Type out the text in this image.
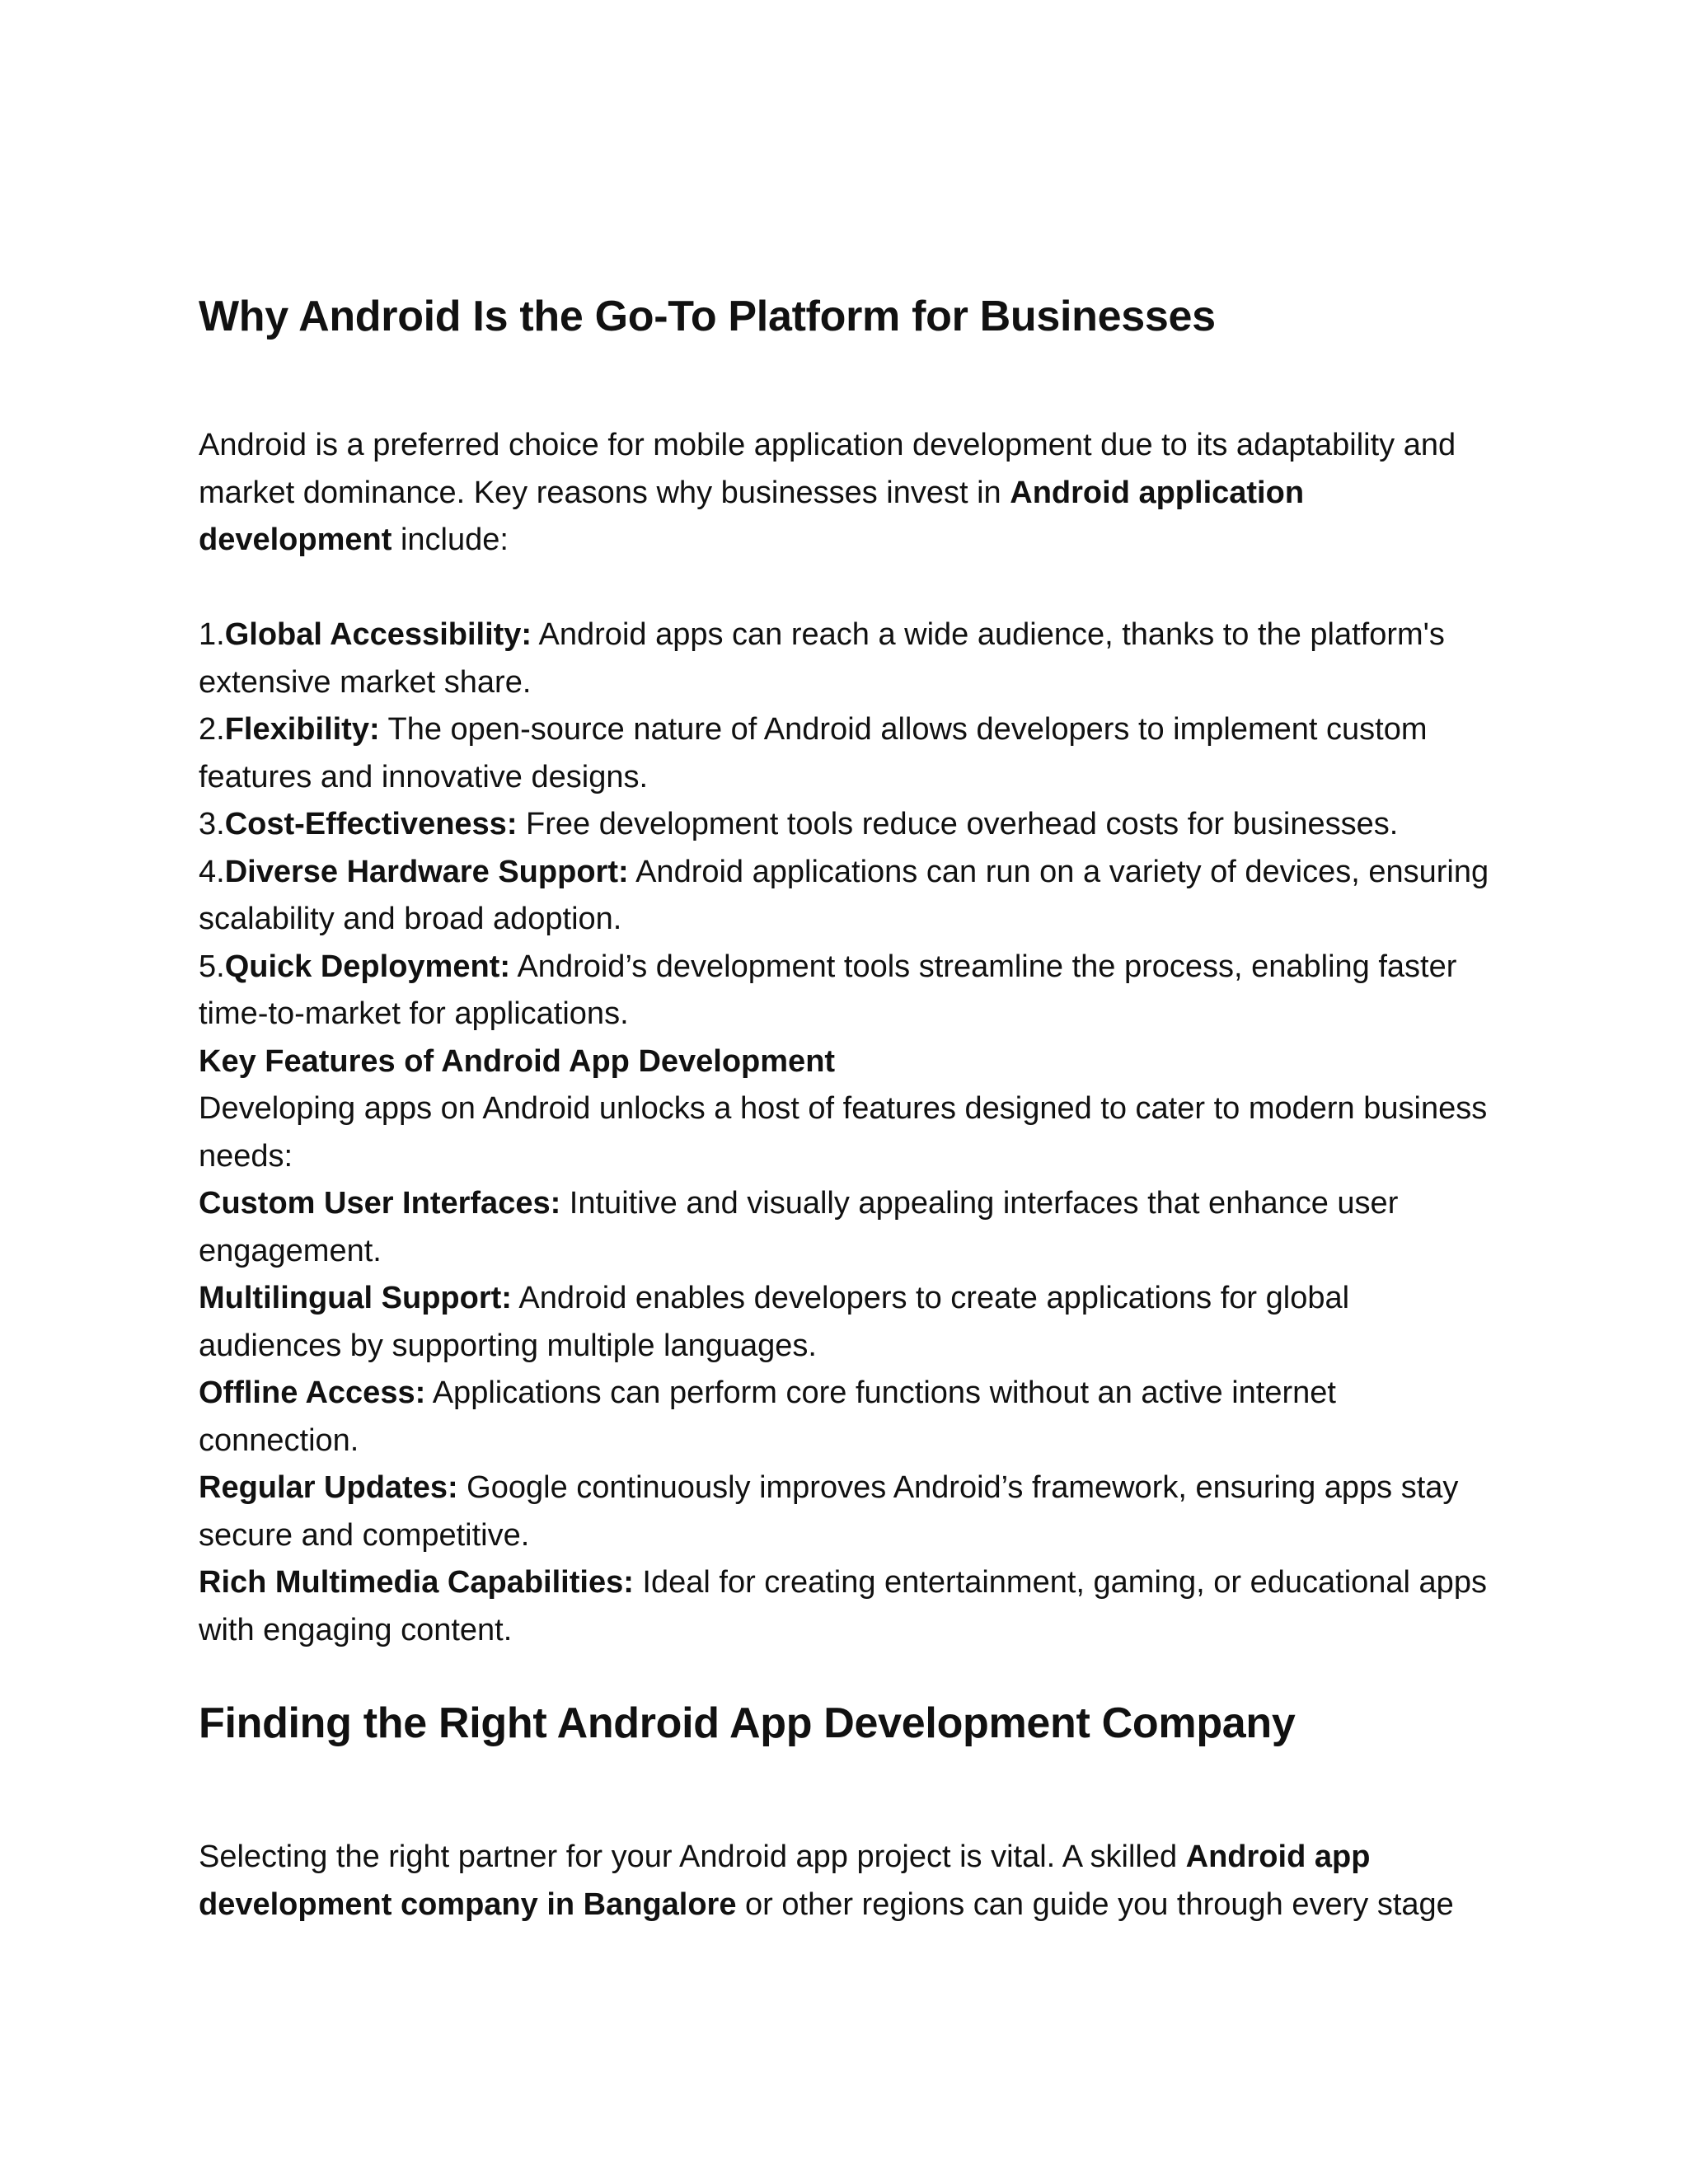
Why Android Is the Go-To Platform for Businesses

Android is a preferred choice for mobile application development due to its adaptability and market dominance. Key reasons why businesses invest in Android application development include:

1.Global Accessibility: Android apps can reach a wide audience, thanks to the platform's extensive market share.
2.Flexibility: The open-source nature of Android allows developers to implement custom features and innovative designs.
3.Cost-Effectiveness: Free development tools reduce overhead costs for businesses.
4.Diverse Hardware Support: Android applications can run on a variety of devices, ensuring scalability and broad adoption.
5.Quick Deployment: Android’s development tools streamline the process, enabling faster time-to-market for applications.
Key Features of Android App Development
Developing apps on Android unlocks a host of features designed to cater to modern business needs:
Custom User Interfaces: Intuitive and visually appealing interfaces that enhance user engagement.
Multilingual Support: Android enables developers to create applications for global audiences by supporting multiple languages.
Offline Access: Applications can perform core functions without an active internet connection.
Regular Updates: Google continuously improves Android’s framework, ensuring apps stay secure and competitive.
Rich Multimedia Capabilities: Ideal for creating entertainment, gaming, or educational apps with engaging content.
Finding the Right Android App Development Company

Selecting the right partner for your Android app project is vital. A skilled Android app development company in Bangalore or other regions can guide you through every stage
